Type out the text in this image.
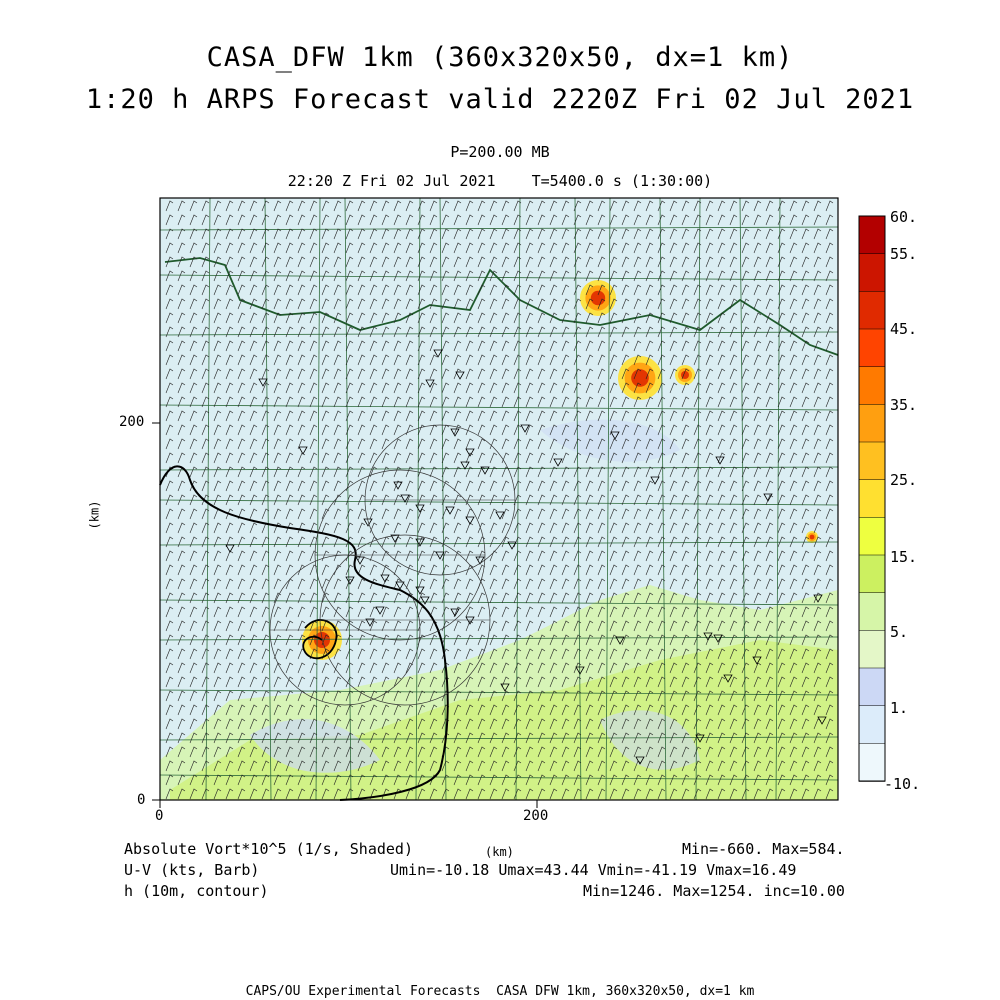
CASA_DFW 1km (360x320x50, dx=1 km)
1:20 h ARPS Forecast valid 2220Z Fri 02 Jul 2021
P=200.00 MB
22:20 Z Fri 02 Jul 2021    T=5400.0 s (1:30:00)
200
0
0	200
(km)
(km)
60.
55.
45.
35.
25.
15.
5.
1.
-10.
Absolute Vort*10^5 (1/s, Shaded)
U-V (kts, Barb)
h (10m, contour)
Min=-660. Max=584.
Umin=-10.18 Umax=43.44 Vmin=-41.19 Vmax=16.49
Min=1246. Max=1254. inc=10.00
CAPS/OU Experimental Forecasts  CASA DFW 1km, 360x320x50, dx=1 km
